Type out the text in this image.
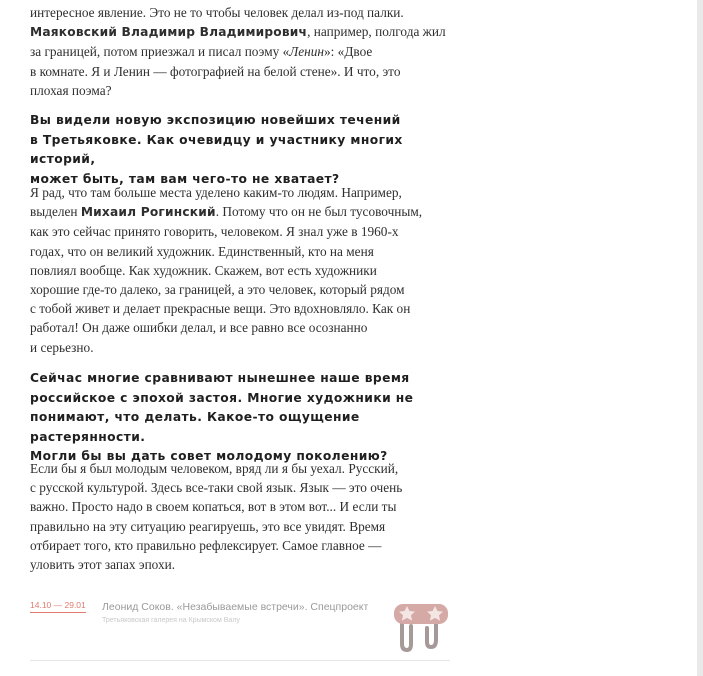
интересное явление. Это не то чтобы человек делал из-под палки.

Маяковский Владимир Владимирович, например, полгода жил

за границей, потом приезжал и писал поэму «Ленин»: «Двое

в комнате. Я и Ленин — фотографией на белой стене». И что, это

плохая поэма?

Вы видели новую экспозицию новейших течений

в Третьяковке. Как очевидцу и участнику многих историй,

может быть, там вам чего-то не хватает?

Я рад, что там больше места уделено каким-то людям. Например,

выделен Михаил Рогинский. Потому что он не был тусовочным,

как это сейчас принято говорить, человеком. Я знал уже в 1960-х

годах, что он великий художник. Единственный, кто на меня

повлиял вообще. Как художник. Скажем, вот есть художники

хорошие где-то далеко, за границей, а это человек, который рядом

с тобой живет и делает прекрасные вещи. Это вдохновляло. Как он

работал! Он даже ошибки делал, и все равно все осознанно

и серьезно.

Сейчас многие сравнивают нынешнее наше время

российское с эпохой застоя. Многие художники не

понимают, что делать. Какое-то ощущение растерянности.

Могли бы вы дать совет молодому поколению?

Если бы я был молодым человеком, вряд ли я бы уехал. Русский,

с русской культурой. Здесь все-таки свой язык. Язык — это очень

важно. Просто надо в своем копаться, вот в этом вот... И если ты

правильно на эту ситуацию реагируешь, это все увидят. Время

отбирает того, кто правильно рефлексирует. Самое главное —

уловить этот запах эпохи.

14.10 — 29.01 Леонид Соков. «Незабываемые встречи». Спецпроект
Третьяковская галерея на Крымском Валу
